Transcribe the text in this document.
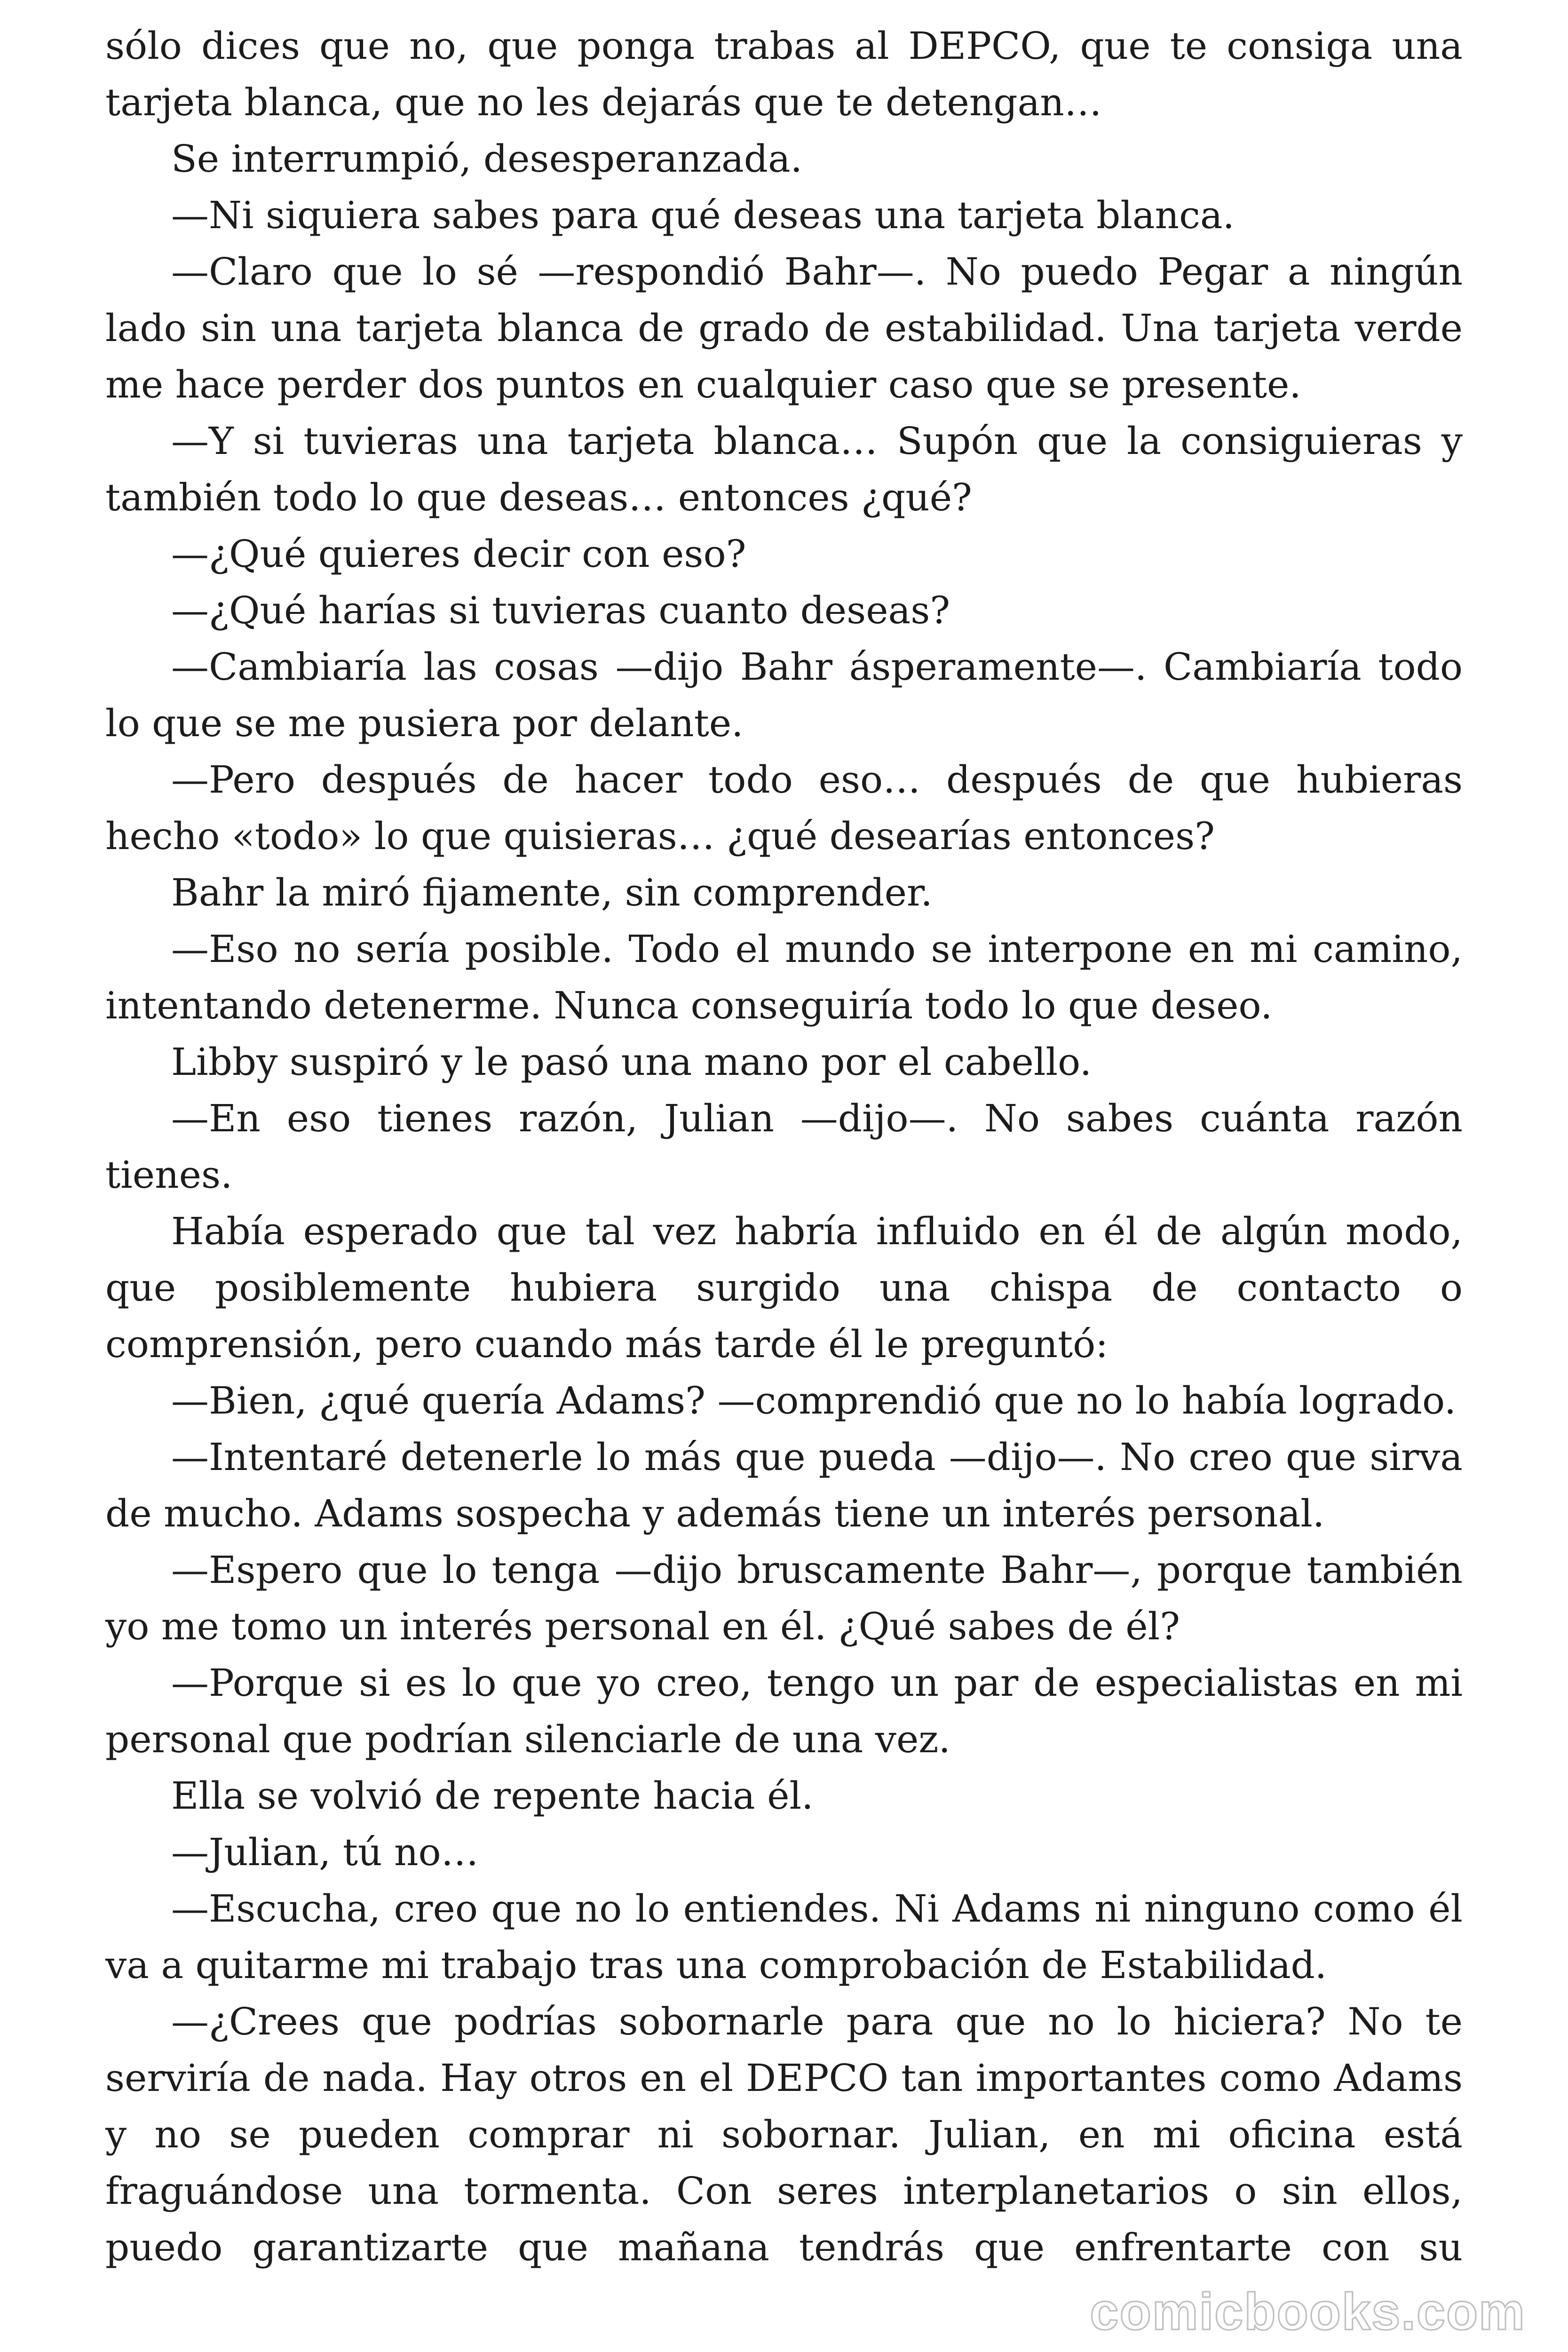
sólo dices que no, que ponga trabas al DEPCO, que te consiga una tarjeta blanca, que no les dejarás que te detengan…

Se interrumpió, desesperanzada.

—Ni siquiera sabes para qué deseas una tarjeta blanca.

—Claro que lo sé —respondió Bahr—. No puedo Pegar a ningún lado sin una tarjeta blanca de grado de estabilidad. Una tarjeta verde me hace perder dos puntos en cualquier caso que se presente.

—Y si tuvieras una tarjeta blanca… Supón que la consiguieras y también todo lo que deseas… entonces ¿qué?

—¿Qué quieres decir con eso?

—¿Qué harías si tuvieras cuanto deseas?

—Cambiaría las cosas —dijo Bahr ásperamente—. Cambiaría todo lo que se me pusiera por delante.

—Pero después de hacer todo eso… después de que hubieras hecho «todo» lo que quisieras… ¿qué desearías entonces?

Bahr la miró fijamente, sin comprender.

—Eso no sería posible. Todo el mundo se interpone en mi camino, intentando detenerme. Nunca conseguiría todo lo que deseo.

Libby suspiró y le pasó una mano por el cabello.

—En eso tienes razón, Julian —dijo—. No sabes cuánta razón tienes.

Había esperado que tal vez habría influido en él de algún modo, que posiblemente hubiera surgido una chispa de contacto o comprensión, pero cuando más tarde él le preguntó:

—Bien, ¿qué quería Adams? —comprendió que no lo había logrado.

—Intentaré detenerle lo más que pueda —dijo—. No creo que sirva de mucho. Adams sospecha y además tiene un interés personal.

—Espero que lo tenga —dijo bruscamente Bahr—, porque también yo me tomo un interés personal en él. ¿Qué sabes de él?

—Porque si es lo que yo creo, tengo un par de especialistas en mi personal que podrían silenciarle de una vez.

Ella se volvió de repente hacia él.

—Julian, tú no…

—Escucha, creo que no lo entiendes. Ni Adams ni ninguno como él va a quitarme mi trabajo tras una comprobación de Estabilidad.

—¿Crees que podrías sobornarle para que no lo hiciera? No te serviría de nada. Hay otros en el DEPCO tan importantes como Adams y no se pueden comprar ni sobornar. Julian, en mi oficina está fraguándose una tormenta. Con seres interplanetarios o sin ellos, puedo garantizarte que mañana tendrás que enfrentarte con su

comicbooks.com
